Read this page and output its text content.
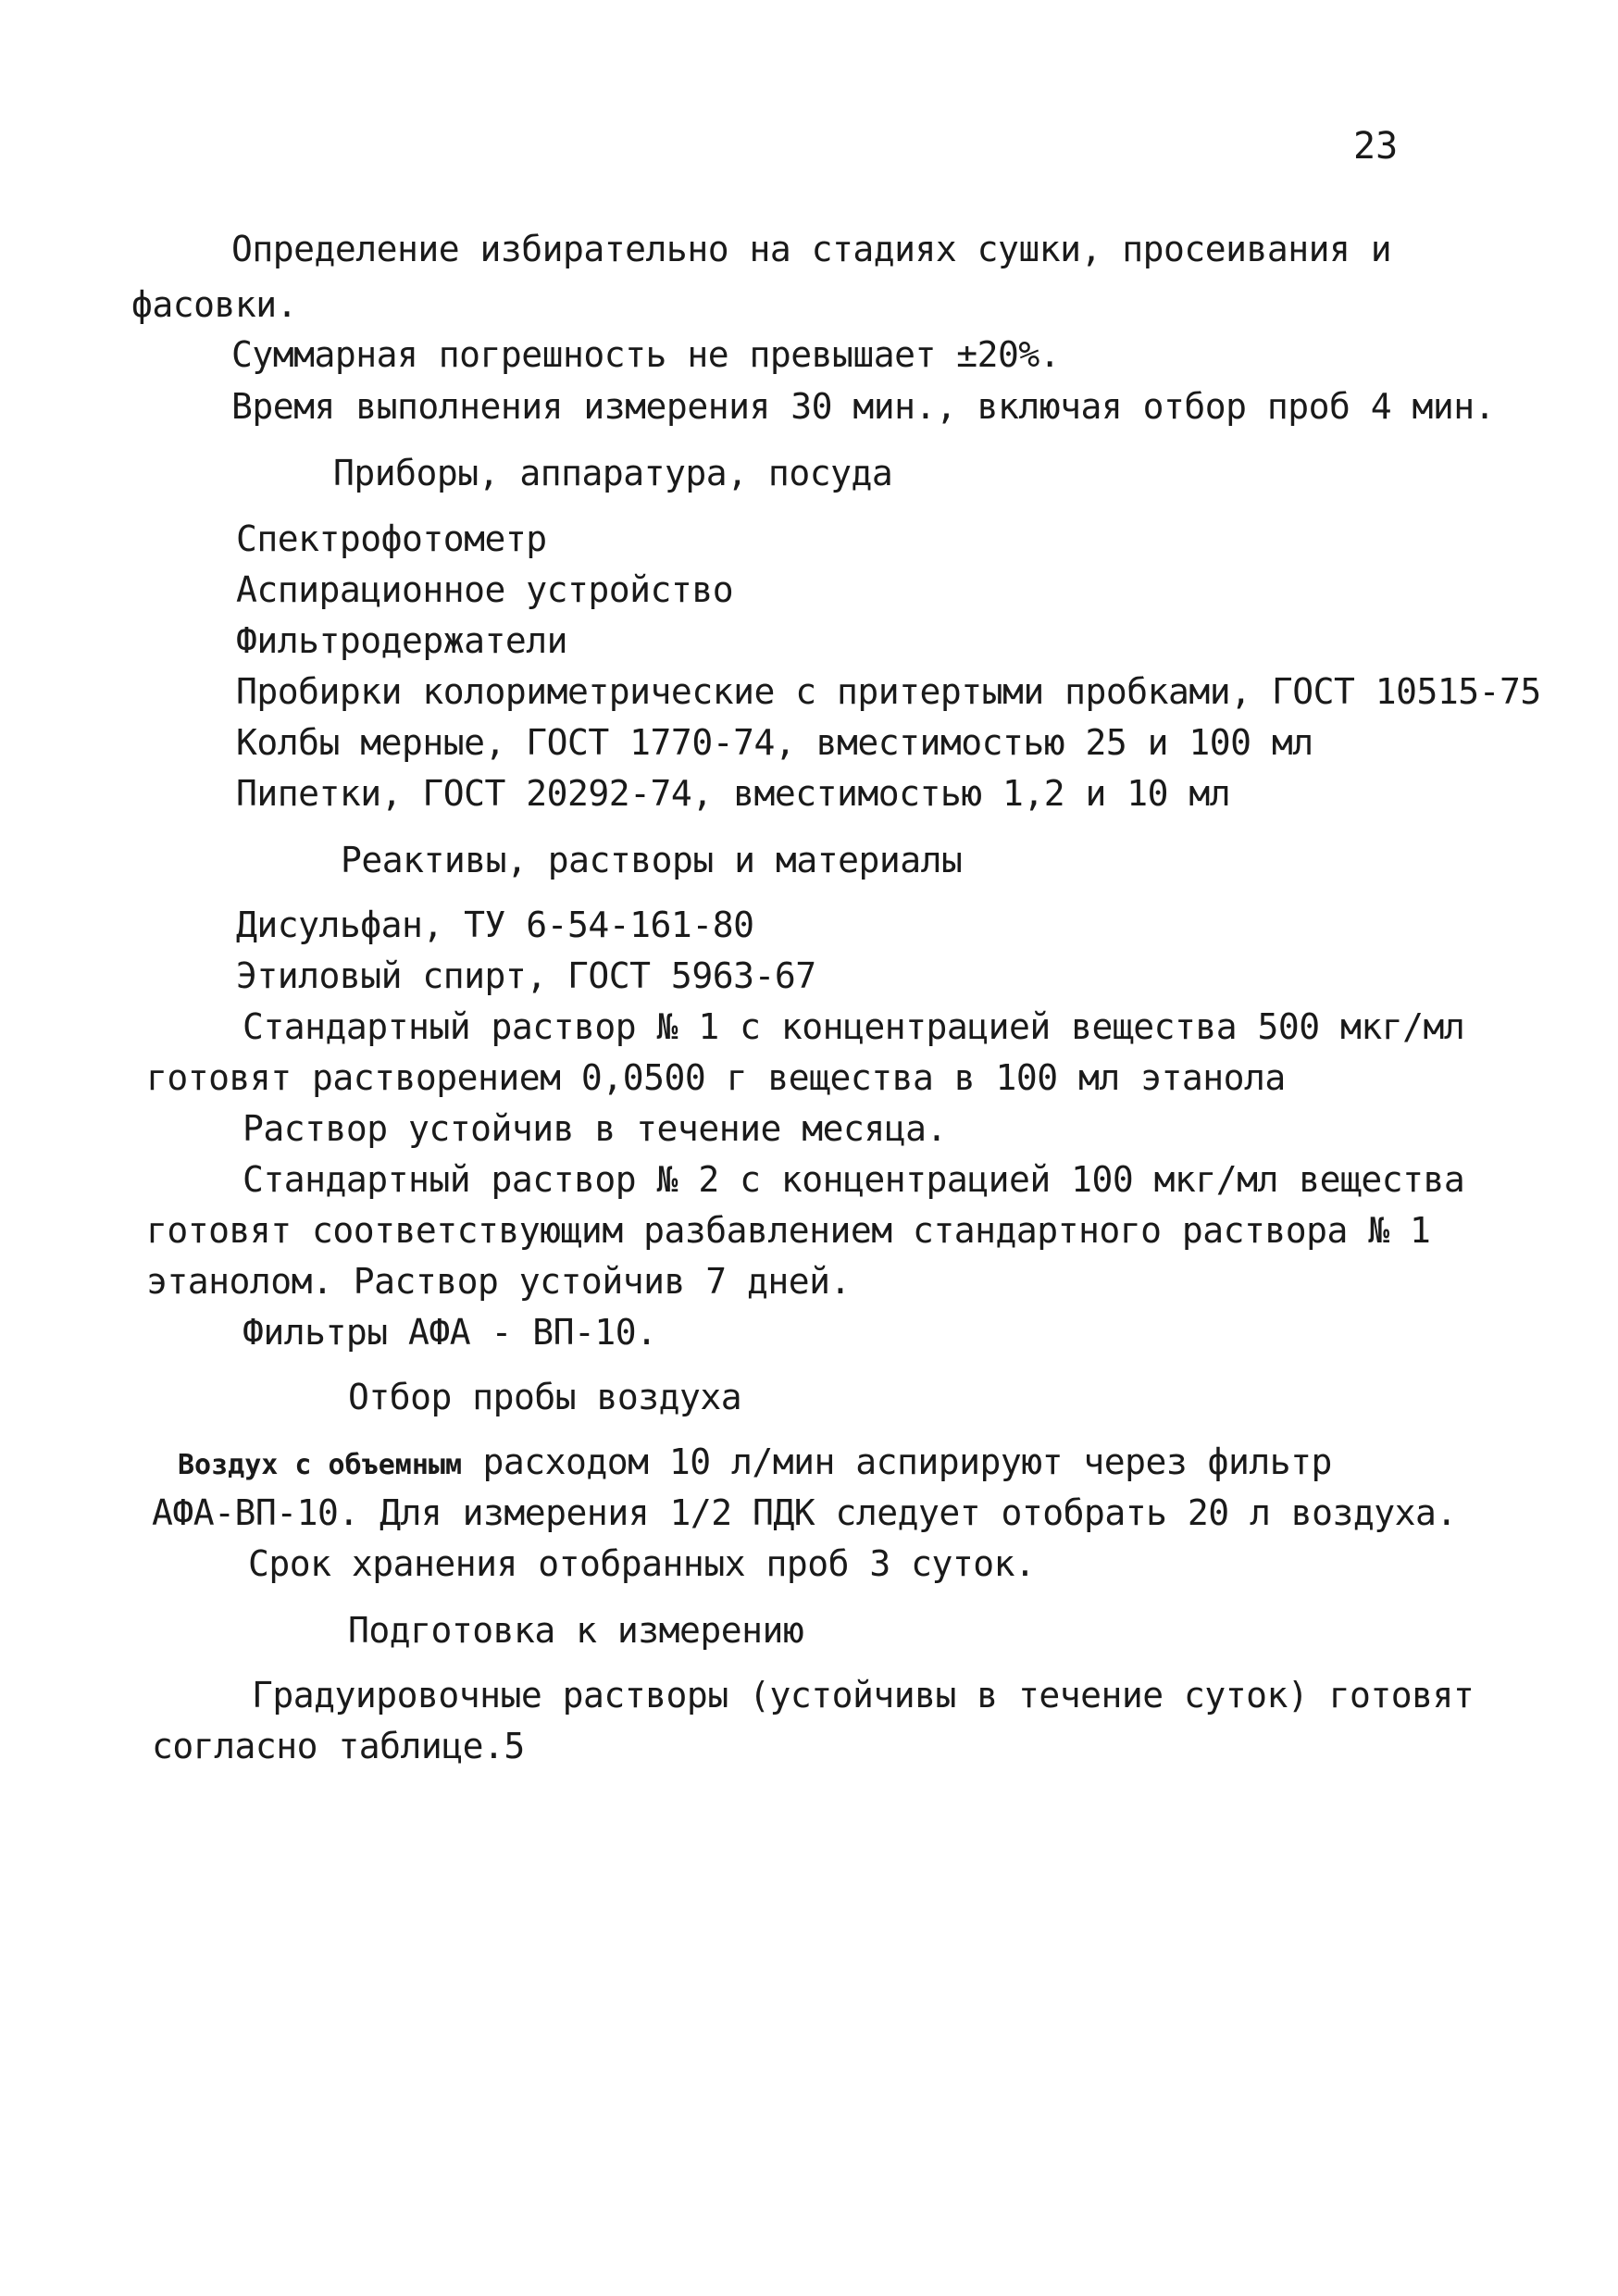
23
Определение избирательно на стадиях сушки, просеивания и
фасовки.
Суммарная погрешность не превышает ±20%.
Время выполнения измерения 30 мин., включая отбор проб 4 мин.
Приборы, аппаратура, посуда
Спектрофотометр
Аспирационное устройство
Фильтродержатели
Пробирки колориметрические с притертыми пробками, ГОСТ 10515-75
Колбы мерные, ГОСТ 1770-74, вместимостью 25 и 100 мл
Пипетки, ГОСТ 20292-74, вместимостью 1,2 и 10 мл
Реактивы, растворы и материалы
Дисульфан, ТУ 6-54-161-80
Этиловый спирт, ГОСТ 5963-67
Стандартный раствор № 1 с концентрацией вещества 500 мкг/мл
готовят растворением 0,0500 г вещества в 100 мл этанола
Раствор устойчив в течение месяца.
Стандартный раствор № 2 с концентрацией 100 мкг/мл вещества
готовят соответствующим разбавлением стандартного раствора № 1
этанолом. Раствор устойчив 7 дней.
Фильтры АФА - ВП-10.
Отбор пробы воздуха
Воздух с объемным расходом 10 л/мин аспирируют через фильтр
АФА-ВП-10. Для измерения 1/2 ПДК следует отобрать 20 л воздуха.
Срок хранения отобранных проб 3 суток.
Подготовка к измерению
Градуировочные растворы (устойчивы в течение суток) готовят
согласно таблице.5
